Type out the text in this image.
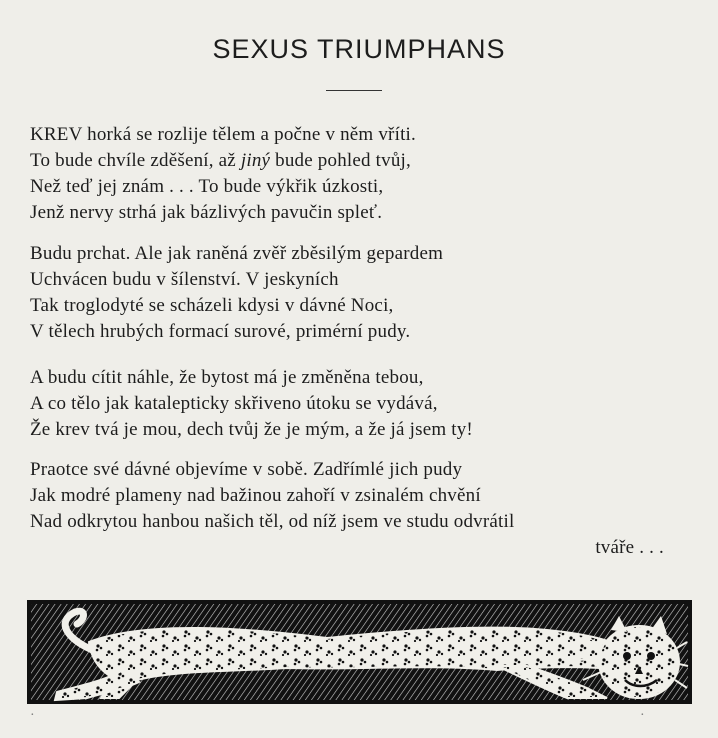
SEXUS TRIUMPHANS
KREV horká se rozlije tělem a počne v něm vříti.
To bude chvíle zděšení, až jiný bude pohled tvůj,
Než teď jej znám . . . To bude výkřik úzkosti,
Jenž nervy strhá jak bázlivých pavučin spleť.
Budu prchat. Ale jak raněná zvěř zběsilým gepardem
Uchvácen budu v šílenství. V jeskyních
Tak troglodyté se scházeli kdysi v dávné Noci,
V tělech hrubých formací surové, primérní pudy.
A budu cítit náhle, že bytost má je změněna tebou,
A co tělo jak katalepticky skřiveno útoku se vydává,
Že krev tvá je mou, dech tvůj že je mým, a že já jsem ty!
Praotce své dávné objevíme v sobě. Zadřímlé jich pudy
Jak modré plameny nad bažinou zahoří v zsinalém chvění
Nad odkrytou hanbou našich těl, od níž jsem ve studu odvrátil
tváře . . .
·	·
